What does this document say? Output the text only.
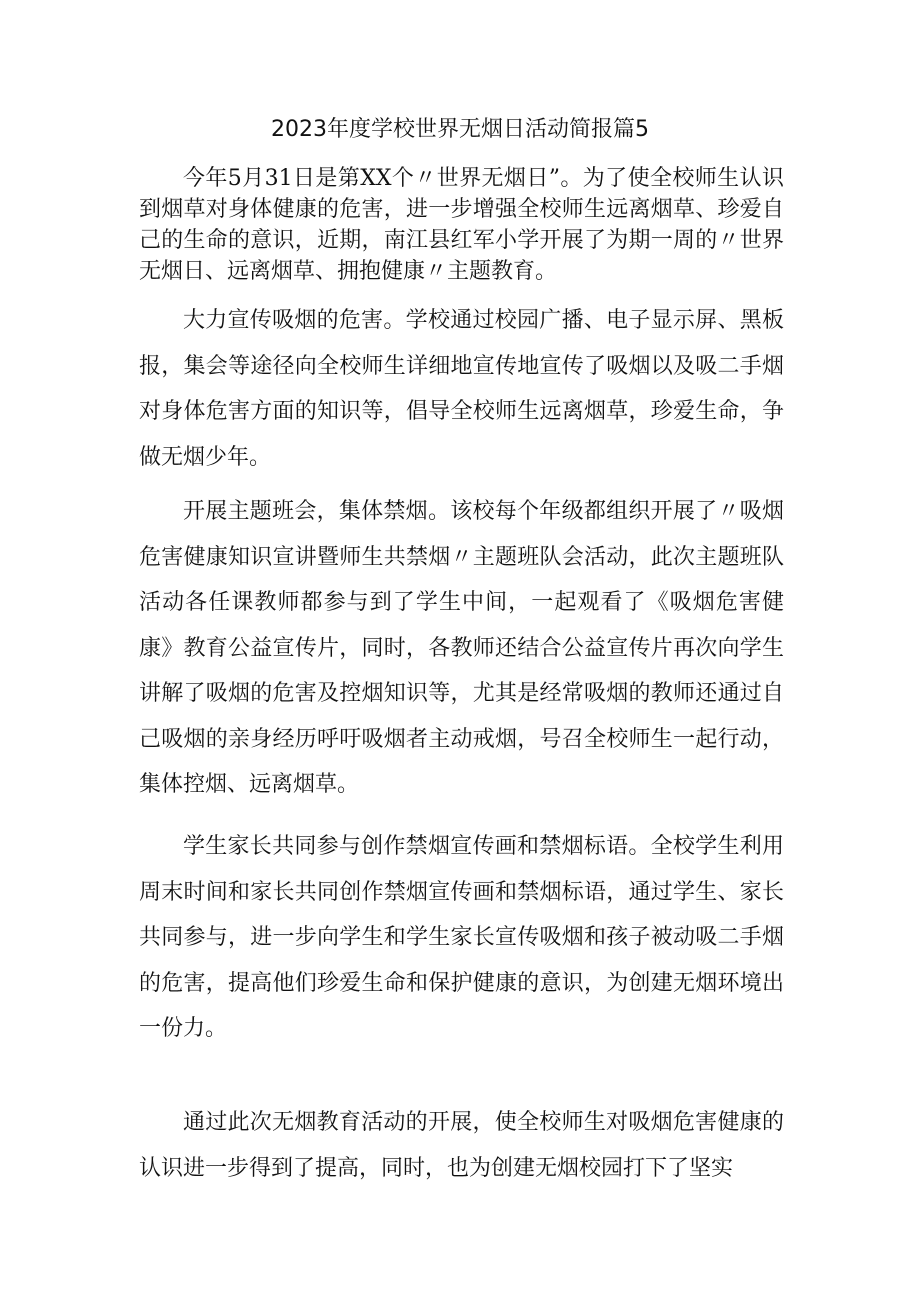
2023年度学校世界无烟日活动简报篇5

今年5月31日是第XX个〃世界无烟日”。为了使全校师生认识到烟草对身体健康的危害，进一步增强全校师生远离烟草、珍爱自己的生命的意识，近期，南江县红军小学开展了为期一周的〃世界无烟日、远离烟草、拥抱健康〃主题教育。

大力宣传吸烟的危害。学校通过校园广播、电子显示屏、黑板报，集会等途径向全校师生详细地宣传地宣传了吸烟以及吸二手烟对身体危害方面的知识等，倡导全校师生远离烟草，珍爱生命，争做无烟少年。

开展主题班会，集体禁烟。该校每个年级都组织开展了〃吸烟危害健康知识宣讲暨师生共禁烟〃主题班队会活动，此次主题班队活动各任课教师都参与到了学生中间，一起观看了《吸烟危害健康》教育公益宣传片，同时，各教师还结合公益宣传片再次向学生讲解了吸烟的危害及控烟知识等，尤其是经常吸烟的教师还通过自己吸烟的亲身经历呼吁吸烟者主动戒烟，号召全校师生一起行动，集体控烟、远离烟草。

学生家长共同参与创作禁烟宣传画和禁烟标语。全校学生利用周末时间和家长共同创作禁烟宣传画和禁烟标语，通过学生、家长共同参与，进一步向学生和学生家长宣传吸烟和孩子被动吸二手烟的危害，提高他们珍爱生命和保护健康的意识，为创建无烟环境出一份力。

通过此次无烟教育活动的开展，使全校师生对吸烟危害健康的认识进一步得到了提高，同时，也为创建无烟校园打下了坚实
